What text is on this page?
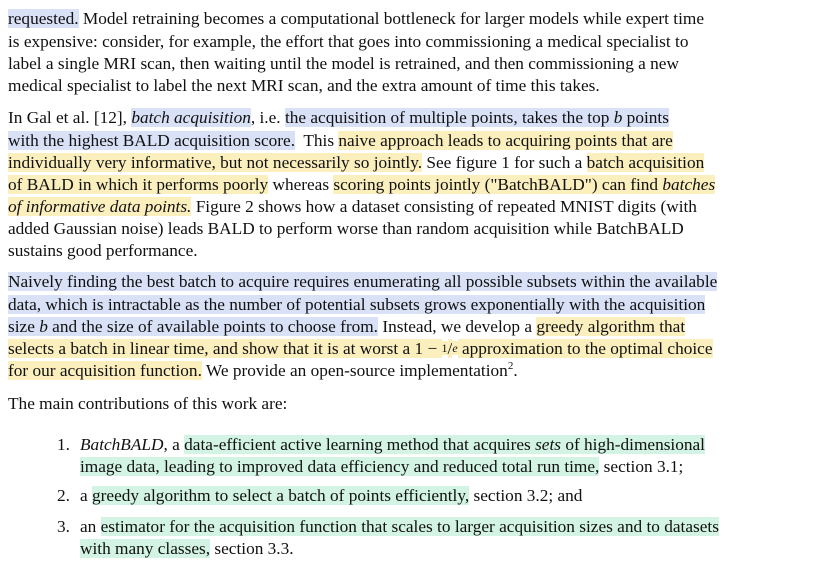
requested. Model retraining becomes a computational bottleneck for larger models while expert time
is expensive: consider, for example, the effort that goes into commissioning a medical specialist to
label a single MRI scan, then waiting until the model is retrained, and then commissioning a new
medical specialist to label the next MRI scan, and the extra amount of time this takes.
In Gal et al. [12], batch acquisition, i.e. the acquisition of multiple points, takes the top b points
with the highest BALD acquisition score.  This naive approach leads to acquiring points that are
individually very informative, but not necessarily so jointly. See figure 1 for such a batch acquisition
of BALD in which it performs poorly whereas scoring points jointly ("BatchBALD") can find batches
of informative data points. Figure 2 shows how a dataset consisting of repeated MNIST digits (with
added Gaussian noise) leads BALD to perform worse than random acquisition while BatchBALD
sustains good performance.
Naively finding the best batch to acquire requires enumerating all possible subsets within the available
data, which is intractable as the number of potential subsets grows exponentially with the acquisition
size b and the size of available points to choose from. Instead, we develop a greedy algorithm that
selects a batch in linear time, and show that it is at worst a 1 − 1/e approximation to the optimal choice
for our acquisition function. We provide an open-source implementation$^2$.
The main contributions of this work are:
1. BatchBALD, a data-efficient active learning method that acquires sets of high-dimensional
image data, leading to improved data efficiency and reduced total run time, section 3.1;
2. a greedy algorithm to select a batch of points efficiently, section 3.2; and
3. an estimator for the acquisition function that scales to larger acquisition sizes and to datasets
with many classes, section 3.3.
